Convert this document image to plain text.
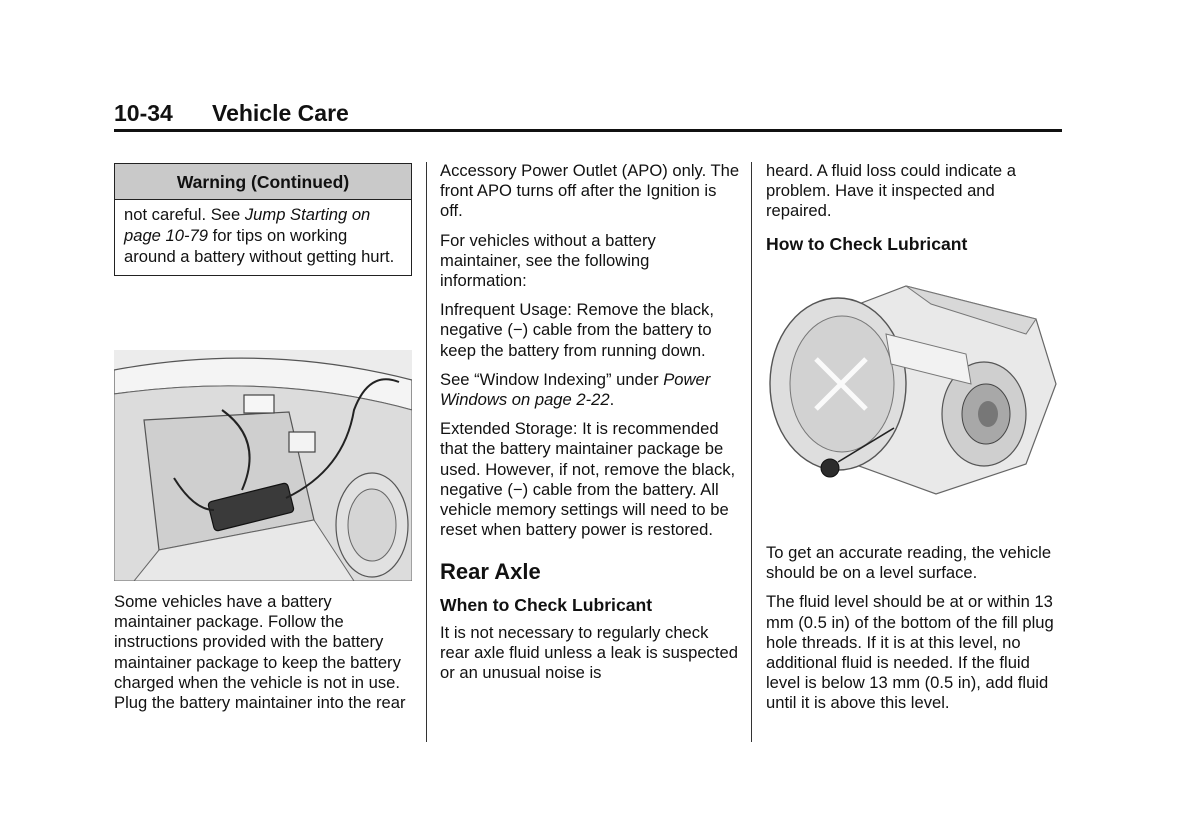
10-34 Vehicle Care
Warning (Continued)
not careful. See Jump Starting on page 10-79 for tips on working around a battery without getting hurt.

Some vehicles have a battery maintainer package. Follow the instructions provided with the battery maintainer package to keep the battery charged when the vehicle is not in use. Plug the battery maintainer into the rear

Accessory Power Outlet (APO) only. The front APO turns off after the Ignition is off.

For vehicles without a battery maintainer, see the following information:

Infrequent Usage: Remove the black, negative (−) cable from the battery to keep the battery from running down.

See “Window Indexing” under Power Windows on page 2-22.

Extended Storage: It is recommended that the battery maintainer package be used. However, if not, remove the black, negative (−) cable from the battery. All vehicle memory settings will need to be reset when battery power is restored.

Rear Axle
When to Check Lubricant

It is not necessary to regularly check rear axle fluid unless a leak is suspected or an unusual noise is

heard. A fluid loss could indicate a problem. Have it inspected and repaired.

How to Check Lubricant

To get an accurate reading, the vehicle should be on a level surface.

The fluid level should be at or within 13 mm (0.5 in) of the bottom of the fill plug hole threads. If it is at this level, no additional fluid is needed. If the fluid level is below 13 mm (0.5 in), add fluid until it is above this level.
